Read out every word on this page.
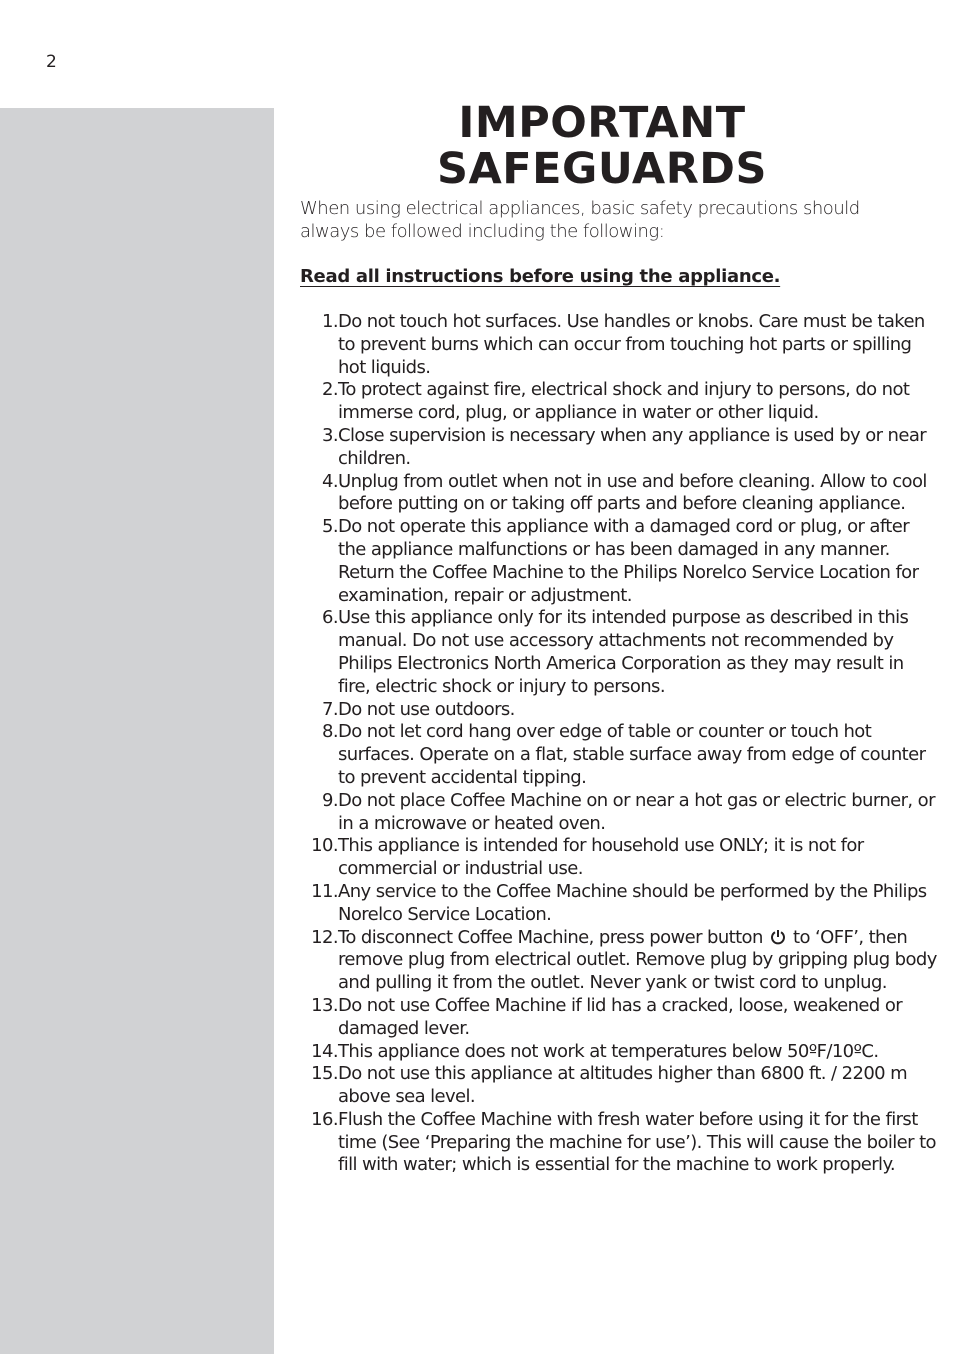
2
IMPORTANT SAFEGUARDS

When using electrical appliances, basic safety precautions should always be followed including the following:

Read all instructions before using the appliance.
1. Do not touch hot surfaces. Use handles or knobs. Care must be taken to prevent burns which can occur from touching hot parts or spilling hot liquids.
2. To protect against fire, electrical shock and injury to persons, do not immerse cord, plug, or appliance in water or other liquid.
3. Close supervision is necessary when any appliance is used by or near children.
4. Unplug from outlet when not in use and before cleaning. Allow to cool before putting on or taking off parts and before cleaning appliance.
5. Do not operate this appliance with a damaged cord or plug, or after the appliance malfunctions or has been damaged in any manner. Return the Coffee Machine to the Philips Norelco Service Location for examination, repair or adjustment.
6. Use this appliance only for its intended purpose as described in this manual. Do not use accessory attachments not recommended by Philips Electronics North America Corporation as they may result in fire, electric shock or injury to persons.
7. Do not use outdoors.
8. Do not let cord hang over edge of table or counter or touch hot surfaces. Operate on a flat, stable surface away from edge of counter to prevent accidental tipping.
9. Do not place Coffee Machine on or near a hot gas or electric burner, or in a microwave or heated oven.
10. This appliance is intended for household use ONLY; it is not for commercial or industrial use.
11. Any service to the Coffee Machine should be performed by the Philips Norelco Service Location.
12. To disconnect Coffee Machine, press power button to ‘OFF’, then remove plug from electrical outlet. Remove plug by gripping plug body and pulling it from the outlet. Never yank or twist cord to unplug.
13. Do not use Coffee Machine if lid has a cracked, loose, weakened or damaged lever.
14. This appliance does not work at temperatures below 50ºF/10ºC.
15. Do not use this appliance at altitudes higher than 6800 ft. / 2200 m above sea level.
16. Flush the Coffee Machine with fresh water before using it for the first time (See ‘Preparing the machine for use’). This will cause the boiler to fill with water; which is essential for the machine to work properly.
